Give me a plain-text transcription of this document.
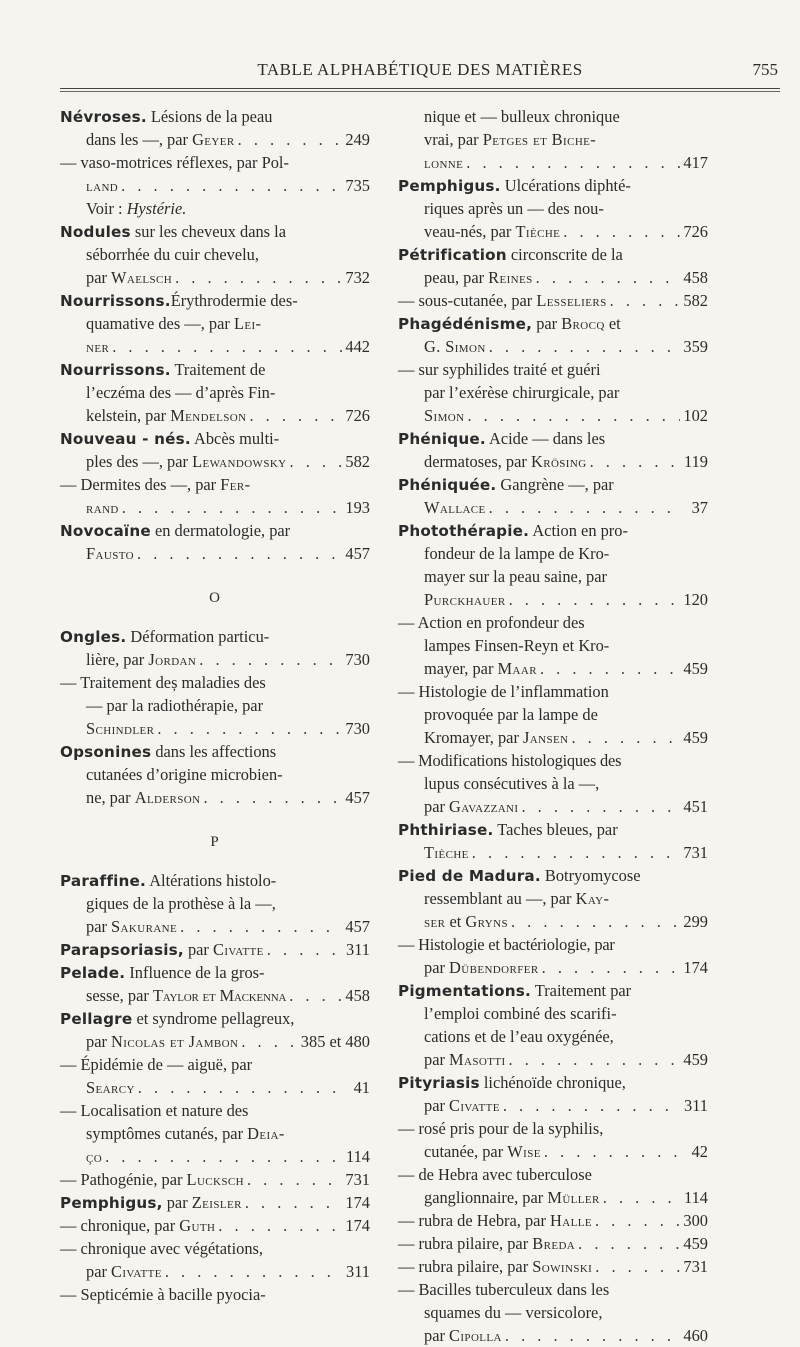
TABLE ALPHABÉTIQUE DES MATIÈRES	755
Névroses. Lésions de la peau
dans les —, par Geyer . . .	249
— vaso-motrices réflexes, par Pol-
land . . .	735
Voir : Hystérie.
Nodules sur les cheveux dans la
séborrhée du cuir chevelu,
par Waelsch . . .	732
Nourrissons.Érythrodermie des-
quamative des —, par Lei-
ner . . .	442
Nourrissons. Traitement de
l’eczéma des — d’après Fin-
kelstein, par Mendelson . . .	726
Nouveau - nés. Abcès multi-
ples des —, par Lewandowsky . . .	582
— Dermites des —, par Fer-
rand . . .	193
Novocaïne en dermatologie, par
Fausto . . .	457
O
Ongles. Déformation particu-
lière, par Jordan . . .	730
— Traitement deș maladies des
— par la radiothérapie, par
Schindler . . .	730
Opsonines dans les affections
cutanées d’origine microbien-
ne, par Alderson . . .	457
P
Paraffine. Altérations histolo-
giques de la prothèse à la —,
par Sakurane . . .	457
Parapsoriasis, par Civatte . . .	311
Pelade. Influence de la gros-
sesse, par Taylor et Mackenna . . .	458
Pellagre et syndrome pellagreux,
par Nicolas et Jambon . . .	385 et 480
— Épidémie de — aiguë, par
Searcy . . .	41
— Localisation et nature des
symptômes cutanés, par Deia-
ço . . .	114
— Pathogénie, par Lucksch . . .	731
Pemphigus, par Zeisler . . .	174
— chronique, par Guth . . .	174
— chronique avec végétations,
par Civatte . . .	311
— Septicémie à bacille pyocia-
nique et — bulleux chronique
vrai, par Petges et Biche-
lonne . . .	417
Pemphigus. Ulcérations diphté-
riques après un — des nou-
veau-nés, par Tièche . . .	726
Pétrification circonscrite de la
peau, par Reines . . .	458
— sous-cutanée, par Lesseliers . . .	582
Phagédénisme, par Brocq et
G. Simon . . .	359
— sur syphilides traité et guéri
par l’exérèse chirurgicale, par
Simon . . .	102
Phénique. Acide — dans les
dermatoses, par Krösing . . .	119
Phéniquée. Gangrène —, par
Wallace . . .	37
Photothérapie. Action en pro-
fondeur de la lampe de Kro-
mayer sur la peau saine, par
Purckhauer . . .	120
— Action en profondeur des
lampes Finsen-Reyn et Kro-
mayer, par Maar . . .	459
— Histologie de l’inflammation
provoquée par la lampe de
Kromayer, par Jansen . . .	459
— Modifications histologiques des
lupus consécutives à la —,
par Gavazzani . . .	451
Phthiriase. Taches bleues, par
Tièche . . .	731
Pied de Madura. Botryomycose
ressemblant au —, par Kay-
ser et Gryns . . .	299
— Histologie et bactériologie, par
par Dübendorfer . . .	174
Pigmentations. Traitement par
l’emploi combiné des scarifi-
cations et de l’eau oxygénée,
par Masotti . . .	459
Pityriasis lichénoïde chronique,
par Civatte . . .	311
— rosé pris pour de la syphilis,
cutanée, par Wise . . .	42
— de Hebra avec tuberculose
ganglionnaire, par Müller . . .	114
— rubra de Hebra, par Halle . . .	300
— rubra pilaire, par Breda . . .	459
— rubra pilaire, par Sowinski . . .	731
— Bacilles tuberculeux dans les
squames du — versicolore,
par Cipolla . . .	460
